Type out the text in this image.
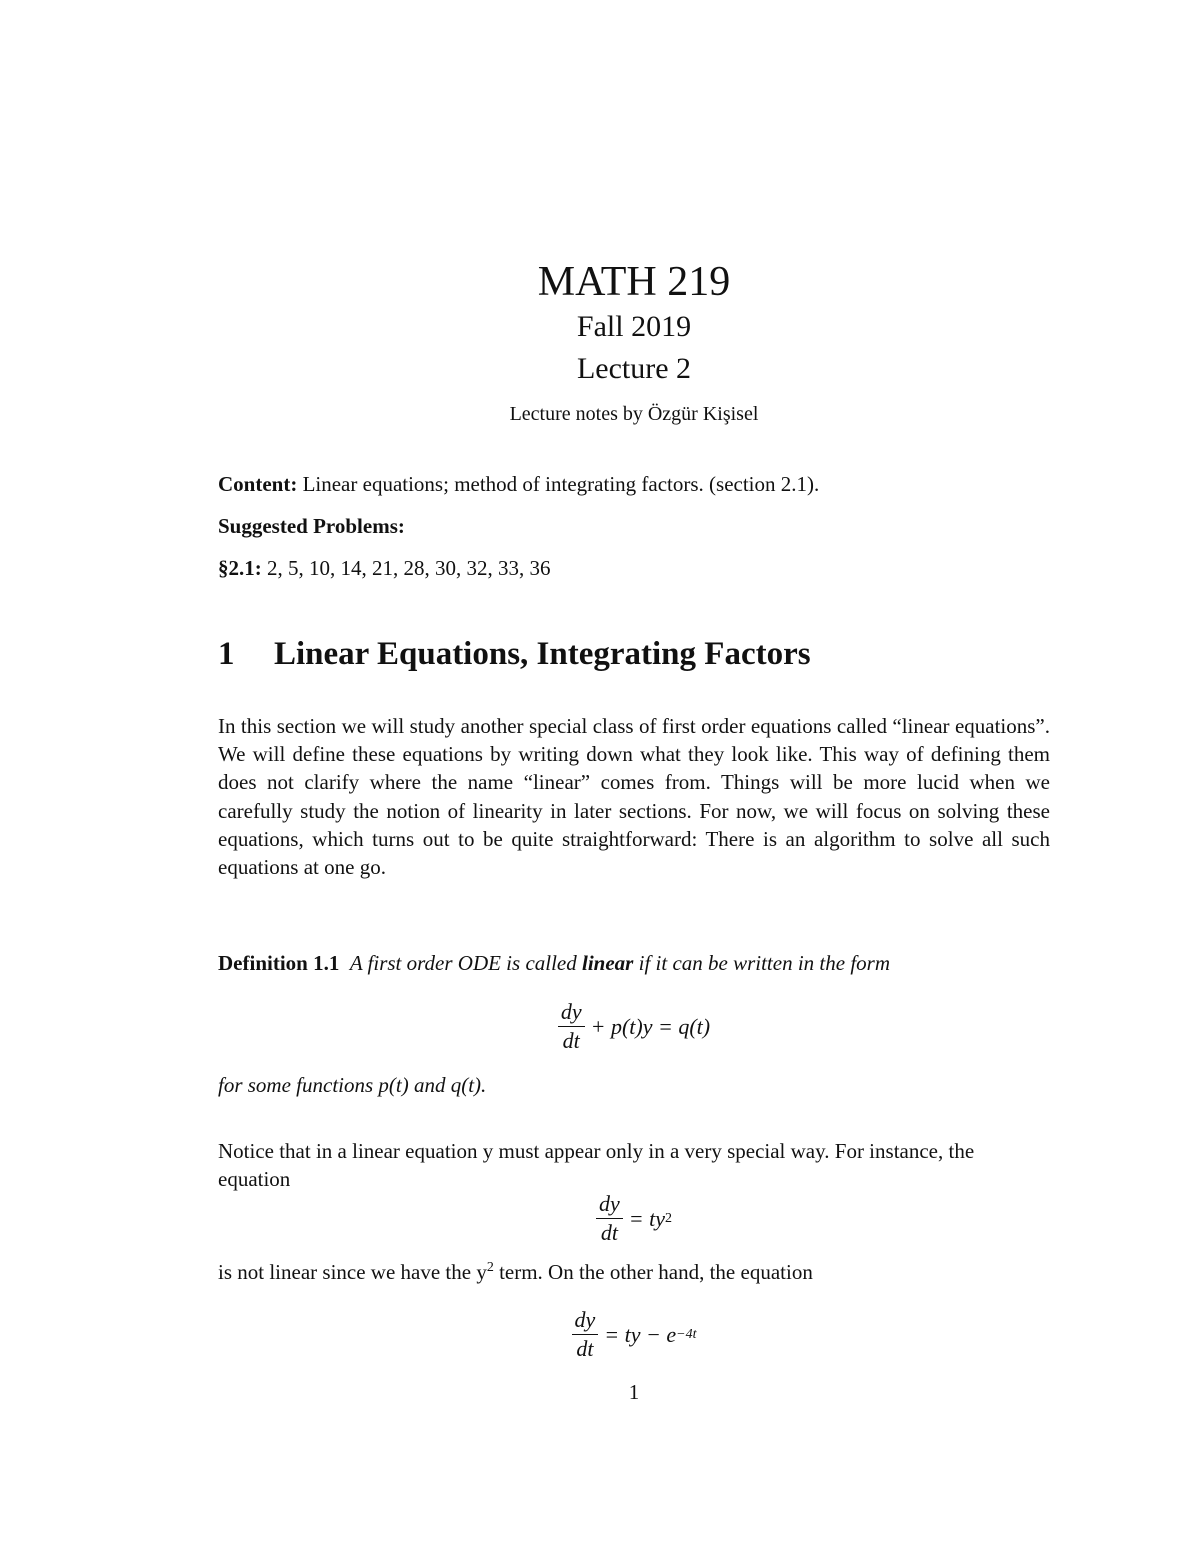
MATH 219
Fall 2019
Lecture 2
Lecture notes by Özgür Kişisel
Content: Linear equations; method of integrating factors. (section 2.1).
Suggested Problems:
§2.1: 2, 5, 10, 14, 21, 28, 30, 32, 33, 36
1 Linear Equations, Integrating Factors
In this section we will study another special class of first order equations called “linear equations”. We will define these equations by writing down what they look like. This way of defining them does not clarify where the name “linear” comes from. Things will be more lucid when we carefully study the notion of linearity in later sections. For now, we will focus on solving these equations, which turns out to be quite straightforward: There is an algorithm to solve all such equations at one go.
Definition 1.1 A first order ODE is called linear if it can be written in the form
$\frac{dy}{dt} + p(t)y = q(t)$
for some functions p(t) and q(t).
Notice that in a linear equation y must appear only in a very special way. For instance, the equation
$\frac{dy}{dt}$ = ty 2
is not linear since we have the $y^2$ term. On the other hand, the equation
$\frac{dy}{dt}$ = ty − e −4t
1
